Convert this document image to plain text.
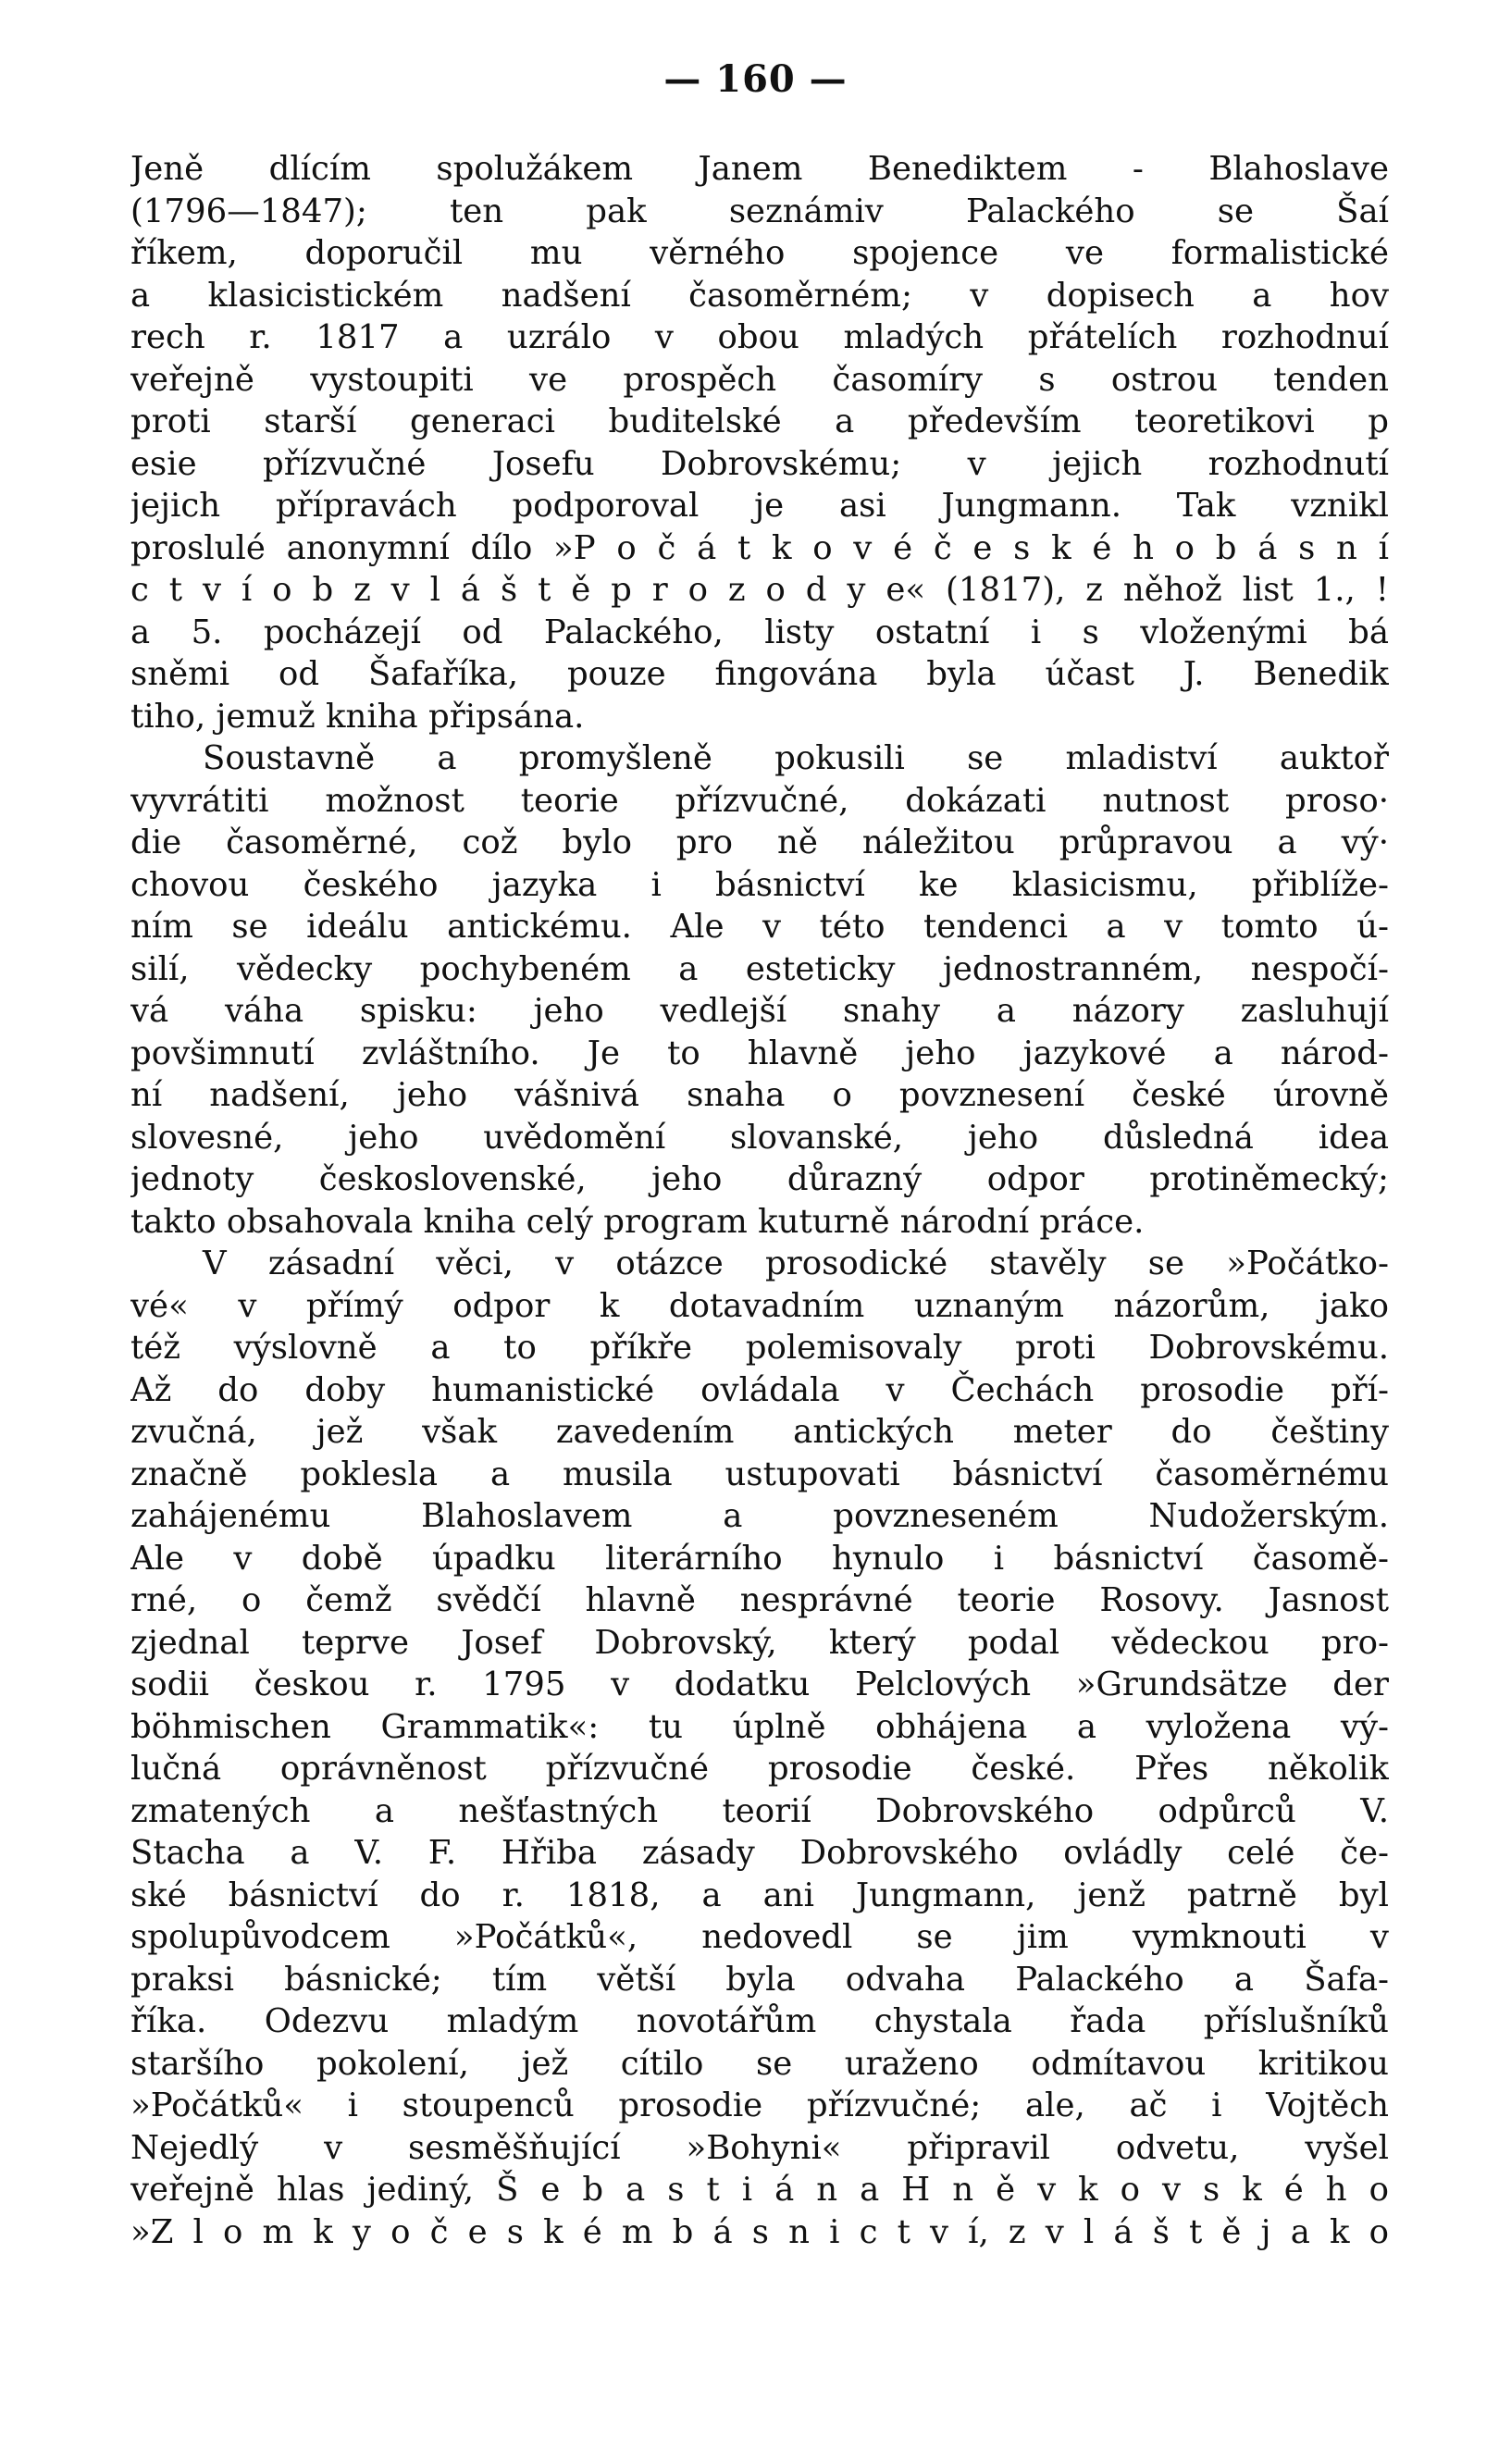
— 160 —
Jeně dlícím spolužákem Janem Benediktem - Blahoslave
(1796—1847); ten pak seznámiv Palackého se Šaí
říkem, doporučil mu věrného spojence ve formalistické
a klasicistickém nadšení časoměrném; v dopisech a hov
rech r. 1817 a uzrálo v obou mladých přátelích rozhodnuí
veřejně vystoupiti ve prospěch časomíry s ostrou tenden
proti starší generaci buditelské a především teoretikovi p
esie přízvučné Josefu Dobrovskému; v jejich rozhodnutí
jejich přípravách podporoval je asi Jungmann. Tak vznikl
proslulé anonymní dílo »P o č á t k o v é č e s k é h o b á s n í
c t v í o b z v l á š t ě p r o z o d y e« (1817), z něhož list 1., !
a 5. pocházejí od Palackého, listy ostatní i s vloženými bá
sněmi od Šafaříka, pouze fingována byla účast J. Benedik
tiho, jemuž kniha připsána.
Soustavně a promyšleně pokusili se mladiství auktoř
vyvrátiti možnost teorie přízvučné, dokázati nutnost proso·
die časoměrné, což bylo pro ně náležitou průpravou a vý·
chovou českého jazyka i básnictví ke klasicismu, přiblíže-
ním se ideálu antickému. Ale v této tendenci a v tomto ú-
silí, vědecky pochybeném a esteticky jednostranném, nespočí-
vá váha spisku: jeho vedlejší snahy a názory zasluhují
povšimnutí zvláštního. Je to hlavně jeho jazykové a národ-
ní nadšení, jeho vášnivá snaha o povznesení české úrovně
slovesné, jeho uvědomění slovanské, jeho důsledná idea
jednoty československé, jeho důrazný odpor protiněmecký;
takto obsahovala kniha celý program kuturně národní práce.
V zásadní věci, v otázce prosodické stavěly se »Počátko-
vé« v přímý odpor k dotavadním uznaným názorům, jako
též výslovně a to příkře polemisovaly proti Dobrovskému.
Až do doby humanistické ovládala v Čechách prosodie pří-
zvučná, jež však zavedením antických meter do češtiny
značně poklesla a musila ustupovati básnictví časoměrnému
zahájenému Blahoslavem a povzneseném Nudožerským.
Ale v době úpadku literárního hynulo i básnictví časomě-
rné, o čemž svědčí hlavně nesprávné teorie Rosovy. Jasnost
zjednal teprve Josef Dobrovský, který podal vědeckou pro-
sodii českou r. 1795 v dodatku Pelclových »Grundsätze der
böhmischen Grammatik«: tu úplně obhájena a vyložena vý-
lučná oprávněnost přízvučné prosodie české. Přes několik
zmatených a nešťastných teorií Dobrovského odpůrců V.
Stacha a V. F. Hřiba zásady Dobrovského ovládly celé če-
ské básnictví do r. 1818, a ani Jungmann, jenž patrně byl
spolupůvodcem »Počátků«, nedovedl se jim vymknouti v
praksi básnické; tím větší byla odvaha Palackého a Šafa-
říka. Odezvu mladým novotářům chystala řada příslušníků
staršího pokolení, jež cítilo se uraženo odmítavou kritikou
»Počátků« i stoupenců prosodie přízvučné; ale, ač i Vojtěch
Nejedlý v sesměšňující »Bohyni« připravil odvetu, vyšel
veřejně hlas jediný, Š e b a s t i á n a H n ě v k o v s k é h o
»Z l o m k y o č e s k é m b á s n i c t v í, z v l á š t ě j a k o
